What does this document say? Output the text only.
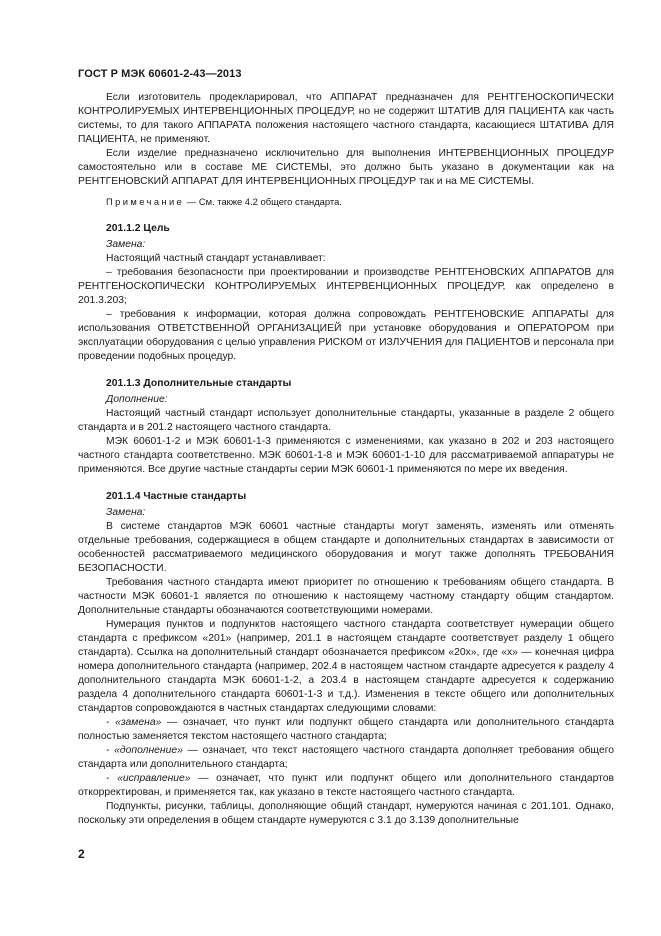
ГОСТ Р МЭК 60601-2-43—2013

Если изготовитель продекларировал, что АППАРАТ предназначен для РЕНТГЕНОСКОПИЧЕСКИ КОНТРОЛИРУЕМЫХ ИНТЕРВЕНЦИОННЫХ ПРОЦЕДУР, но не содержит ШТАТИВ ДЛЯ ПАЦИЕНТА как часть системы, то для такого АППАРАТА положения настоящего частного стандарта, касающиеся ШТАТИВА ДЛЯ ПАЦИЕНТА, не применяют.

Если изделие предназначено исключительно для выполнения ИНТЕРВЕНЦИОННЫХ ПРОЦЕДУР самостоятельно или в составе МЕ СИСТЕМЫ, это должно быть указано в документации как на РЕНТГЕНОВСКИЙ АППАРАТ ДЛЯ ИНТЕРВЕНЦИОННЫХ ПРОЦЕДУР так и на МЕ СИСТЕМЫ.

Примечание — См. также 4.2 общего стандарта.

201.1.2 Цель

Замена:

Настоящий частный стандарт устанавливает:

– требования безопасности при проектировании и производстве РЕНТГЕНОВСКИХ АППАРАТОВ для РЕНТГЕНОСКОПИЧЕСКИ КОНТРОЛИРУЕМЫХ ИНТЕРВЕНЦИОННЫХ ПРОЦЕДУР, как определено в 201.3.203;

– требования к информации, которая должна сопровождать РЕНТГЕНОВСКИЕ АППАРАТЫ для использования ОТВЕТСТВЕННОЙ ОРГАНИЗАЦИЕЙ при установке оборудования и ОПЕРАТОРОМ при эксплуатации оборудования с целью управления РИСКОМ от ИЗЛУЧЕНИЯ для ПАЦИЕНТОВ и персонала при проведении подобных процедур.

201.1.3 Дополнительные стандарты

Дополнение:

Настоящий частный стандарт использует дополнительные стандарты, указанные в разделе 2 общего стандарта и в 201.2 настоящего частного стандарта.

МЭК 60601-1-2 и МЭК 60601-1-3 применяются с изменениями, как указано в 202 и 203 настоящего частного стандарта соответственно. МЭК 60601-1-8 и МЭК 60601-1-10 для рассматриваемой аппаратуры не применяются. Все другие частные стандарты серии МЭК 60601-1 применяются по мере их введения.

201.1.4 Частные стандарты

Замена:

В системе стандартов МЭК 60601 частные стандарты могут заменять, изменять или отменять отдельные требования, содержащиеся в общем стандарте и дополнительных стандартах в зависимости от особенностей рассматриваемого медицинского оборудования и могут также дополнять ТРЕБОВАНИЯ БЕЗОПАСНОСТИ.

Требования частного стандарта имеют приоритет по отношению к требованиям общего стандарта. В частности МЭК 60601-1 является по отношению к настоящему частному стандарту общим стандартом. Дополнительные стандарты обозначаются соответствующими номерами.

Нумерация пунктов и подпунктов настоящего частного стандарта соответствует нумерации общего стандарта с префиксом «201» (например, 201.1 в настоящем стандарте соответствует разделу 1 общего стандарта). Ссылка на дополнительный стандарт обозначается префиксом «20x», где «x» — конечная цифра номера дополнительного стандарта (например, 202.4 в настоящем частном стандарте адресуется к разделу 4 дополнительного стандарта МЭК 60601-1-2, а 203.4 в настоящем стандарте адресуется к содержанию раздела 4 дополнительного стандарта 60601-1-3 и т.д.). Изменения в тексте общего или дополнительных стандартов сопровождаются в частных стандартах следующими словами:

- «замена» — означает, что пункт или подпункт общего стандарта или дополнительного стандарта полностью заменяется текстом настоящего частного стандарта;

- «дополнение» — означает, что текст настоящего частного стандарта дополняет требования общего стандарта или дополнительного стандарта;

- «исправление» — означает, что пункт или подпункт общего или дополнительного стандартов откорректирован, и применяется так, как указано в тексте настоящего частного стандарта.

Подпункты, рисунки, таблицы, дополняющие общий стандарт, нумеруются начиная с 201.101. Однако, поскольку эти определения в общем стандарте нумеруются с 3.1 до 3.139 дополнительные

2
